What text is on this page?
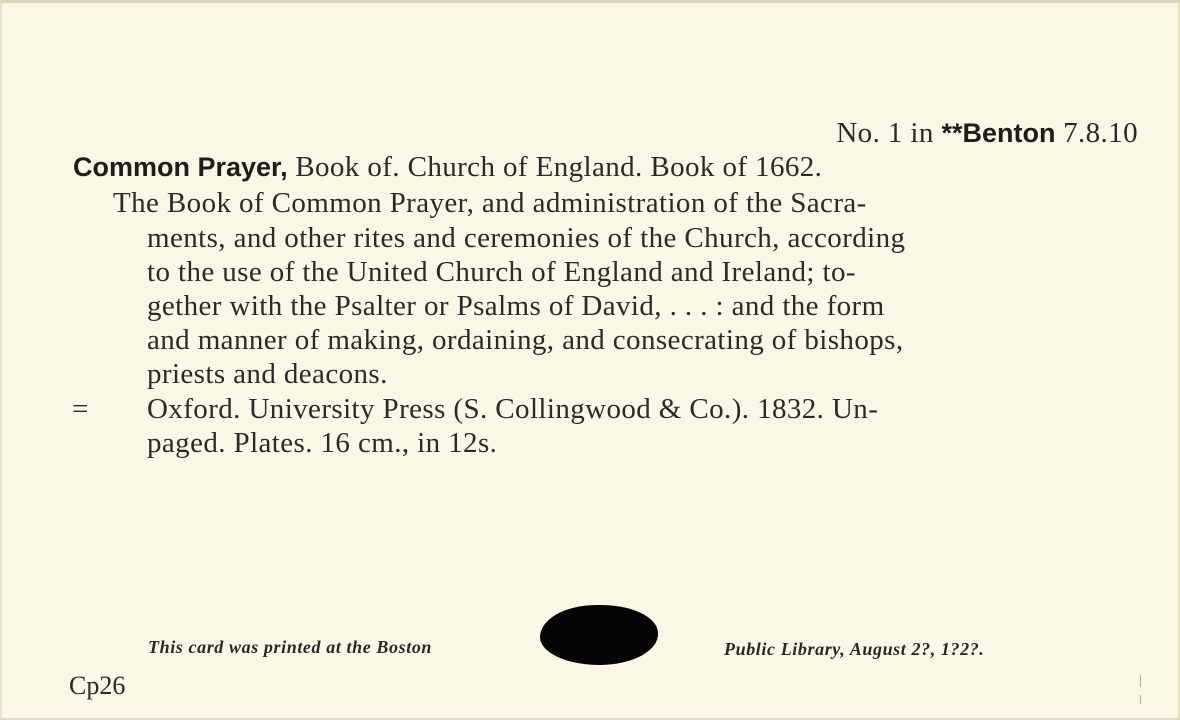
No. 1 in **Benton 7.8.10
Common Prayer, Book of. Church of England. Book of 1662.
The Book of Common Prayer, and administration of the Sacra-
ments, and other rites and ceremonies of the Church, according
to the use of the United Church of England and Ireland; to-
gether with the Psalter or Psalms of David, . . . : and the form
and manner of making, ordaining, and consecrating of bishops,
priests and deacons.
= Oxford. University Press (S. Collingwood & Co.). 1832. Un-
paged. Plates. 16 cm., in 12s.
This card was printed at the Boston	Public Library, August 2?, 1?2?.
Cp26
